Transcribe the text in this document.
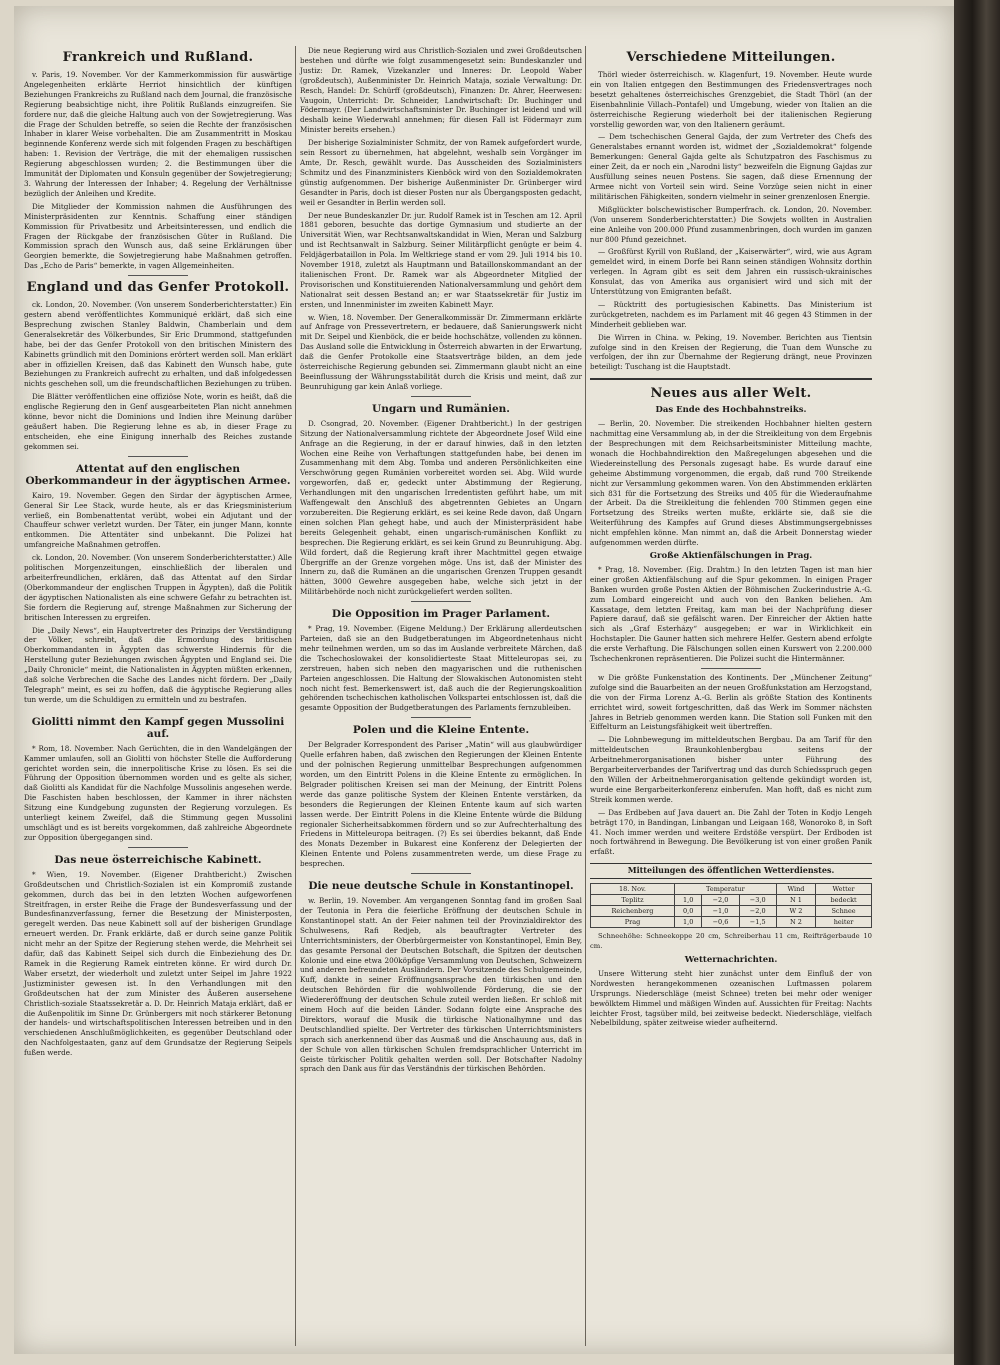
Frankreich und Rußland.

v. Paris, 19. November. Vor der Kammerkommission für auswärtige Angelegenheiten erklärte Herriot hinsichtlich der künftigen Beziehungen Frankreichs zu Rußland nach dem Journal, die französische Regierung beabsichtige nicht, ihre Politik Rußlands einzugreifen. Sie fordere nur, daß die gleiche Haltung auch von der Sowjetregierung. Was die Frage der Schulden betreffe, so seien die Rechte der französischen Inhaber in klarer Weise vorbehalten. Die am Zusammentritt in Moskau beginnende Konferenz werde sich mit folgenden Fragen zu beschäftigen haben: 1. Revision der Verträge, die mit der ehemaligen russischen Regierung abgeschlossen wurden; 2. die Bestimmungen über die Immunität der Diplomaten und Konsuln gegenüber der Sowjetregierung; 3. Wahrung der Interessen der Inhaber; 4. Regelung der Verhältnisse bezüglich der Anleihen und Kredite.

Die Mitglieder der Kommission nahmen die Ausführungen des Ministerpräsidenten zur Kenntnis. Schaffung einer ständigen Kommission für Privatbesitz und Arbeitsinteressen, und endlich die Fragen der Rückgabe der französischen Güter in Rußland. Die Kommission sprach den Wunsch aus, daß seine Erklärungen über Georgien bemerkte, die Sowjetregierung habe Maßnahmen getroffen. Das „Echo de Paris“ bemerkte, in vagen Allgemeinheiten.

England und das Genfer Protokoll.

ck. London, 20. November. (Von unserem Sonderberichterstatter.) Ein gestern abend veröffentlichtes Kommuniqué erklärt, daß sich eine Besprechung zwischen Stanley Baldwin, Chamberlain und dem Generalsekretär des Völkerbundes, Sir Eric Drummond, stattgefunden habe, bei der das Genfer Protokoll von den britischen Ministern des Kabinetts gründlich mit den Dominions erörtert werden soll. Man erklärt aber in offiziellen Kreisen, daß das Kabinett den Wunsch habe, gute Beziehungen zu Frankreich aufrecht zu erhalten, und daß infolgedessen nichts geschehen soll, um die freundschaftlichen Beziehungen zu trüben.

Die Blätter veröffentlichen eine offiziöse Note, worin es heißt, daß die englische Regierung den in Genf ausgearbeiteten Plan nicht annehmen könne, bevor nicht die Dominions und Indien ihre Meinung darüber geäußert haben. Die Regierung lehne es ab, in dieser Frage zu entscheiden, ehe eine Einigung innerhalb des Reiches zustande gekommen sei.

Attentat auf den englischen Oberkommandeur in der ägyptischen Armee.

Kairo, 19. November. Gegen den Sirdar der ägyptischen Armee, General Sir Lee Stack, wurde heute, als er das Kriegsministerium verließ, ein Bombenattentat verübt, wobei ein Adjutant und der Chauffeur schwer verletzt wurden. Der Täter, ein junger Mann, konnte entkommen. Die Attentäter sind unbekannt. Die Polizei hat umfangreiche Maßnahmen getroffen.

ck. London, 20. November. (Von unserem Sonderberichterstatter.) Alle politischen Morgenzeitungen, einschließlich der liberalen und arbeiterfreundlichen, erklären, daß das Attentat auf den Sirdar (Oberkommandeur der englischen Truppen in Ägypten), daß die Politik der ägyptischen Nationalisten als eine schwere Gefahr zu betrachten ist. Sie fordern die Regierung auf, strenge Maßnahmen zur Sicherung der britischen Interessen zu ergreifen.

Die „Daily News“, ein Hauptvertreter des Prinzips der Verständigung der Völker, schreibt, daß die Ermordung des britischen Oberkommandanten in Ägypten das schwerste Hindernis für die Herstellung guter Beziehungen zwischen Ägypten und England sei. Die „Daily Chronicle“ meint, die Nationalisten in Ägypten müßten erkennen, daß solche Verbrechen die Sache des Landes nicht fördern. Der „Daily Telegraph“ meint, es sei zu hoffen, daß die ägyptische Regierung alles tun werde, um die Schuldigen zu ermitteln und zu bestrafen.

Giolitti nimmt den Kampf gegen Mussolini auf.

* Rom, 18. November. Nach Gerüchten, die in den Wandelgängen der Kammer umlaufen, soll an Giolitti von höchster Stelle die Aufforderung gerichtet worden sein, die innerpolitische Krise zu lösen. Es sei die Führung der Opposition übernommen worden und es gelte als sicher, daß Giolitti als Kandidat für die Nachfolge Mussolinis angesehen werde. Die Faschisten haben beschlossen, der Kammer in ihrer nächsten Sitzung eine Kundgebung zugunsten der Regierung vorzulegen. Es unterliegt keinem Zweifel, daß die Stimmung gegen Mussolini umschlägt und es ist bereits vorgekommen, daß zahlreiche Abgeordnete zur Opposition übergegangen sind.

Das neue österreichische Kabinett.

* Wien, 19. November. (Eigener Drahtbericht.) Zwischen Großdeutschen und Christlich-Sozialen ist ein Kompromiß zustande gekommen, durch das bei in den letzten Wochen aufgeworfenen Streitfragen, in erster Reihe die Frage der Bundesverfassung und der Bundesfinanzverfassung, ferner die Besetzung der Ministerposten, geregelt werden. Das neue Kabinett soll auf der bisherigen Grundlage erneuert werden. Dr. Frank erklärte, daß er durch seine ganze Politik nicht mehr an der Spitze der Regierung stehen werde, die Mehrheit sei dafür, daß das Kabinett Seipel sich durch die Einbeziehung des Dr. Ramek in die Regierung Ramek eintreten könne. Er wird durch Dr. Waber ersetzt, der wiederholt und zuletzt unter Seipel im Jahre 1922 Justizminister gewesen ist. In den Verhandlungen mit den Großdeutschen hat der zum Minister des Äußeren ausersehene Christlich-soziale Staatssekretär a. D. Dr. Heinrich Mataja erklärt, daß er die Außenpolitik im Sinne Dr. Grünbergers mit noch stärkerer Betonung der handels- und wirtschaftspolitischen Interessen betreiben und in den verschiedenen Anschlußmöglichkeiten, es gegenüber Deutschland oder den Nachfolgestaaten, ganz auf dem Grundsatze der Regierung Seipels fußen werde.

Die neue Regierung wird aus Christlich-Sozialen und zwei Großdeutschen bestehen und dürfte wie folgt zusammengesetzt sein: Bundeskanzler und Justiz: Dr. Ramek, Vizekanzler und Inneres: Dr. Leopold Waber (großdeutsch), Außenminister Dr. Heinrich Mataja, soziale Verwaltung: Dr. Resch, Handel: Dr. Schürff (großdeutsch), Finanzen: Dr. Ahrer, Heerwesen: Vaugoin, Unterricht: Dr. Schneider, Landwirtschaft: Dr. Buchinger und Födermayr. (Der Landwirtschaftsminister Dr. Buchinger ist leidend und will deshalb keine Wiederwahl annehmen; für diesen Fall ist Födermayr zum Minister bereits ersehen.)

Der bisherige Sozialminister Schmitz, der von Ramek aufgefordert wurde, sein Ressort zu übernehmen, hat abgelehnt, weshalb sein Vorgänger im Amte, Dr. Resch, gewählt wurde. Das Ausscheiden des Sozialministers Schmitz und des Finanzministers Kienböck wird von den Sozialdemokraten günstig aufgenommen. Der bisherige Außenminister Dr. Grünberger wird Gesandter in Paris, doch ist dieser Posten nur als Übergangsposten gedacht, weil er Gesandter in Berlin werden soll.

Der neue Bundeskanzler Dr. jur. Rudolf Ramek ist in Teschen am 12. April 1881 geboren, besuchte das dortige Gymnasium und studierte an der Universität Wien, war Rechtsanwaltskandidat in Wien, Meran und Salzburg und ist Rechtsanwalt in Salzburg. Seiner Militärpflicht genügte er beim 4. Feldjägerbataillon in Pola. Im Weltkriege stand er vom 29. Juli 1914 bis 10. November 1918, zuletzt als Hauptmann und Bataillonskommandant an der italienischen Front. Dr. Ramek war als Abgeordneter Mitglied der Provisorischen und Konstituierenden Nationalversammlung und gehört dem Nationalrat seit dessen Bestand an; er war Staatssekretär für Justiz im ersten, und Innenminister im zweiten Kabinett Mayr.

w. Wien, 18. November. Der Generalkommissär Dr. Zimmermann erklärte auf Anfrage von Pressevertretern, er bedauere, daß Sanierungswerk nicht mit Dr. Seipel und Kienböck, die er beide hochschätze, vollenden zu können. Das Ausland solle die Entwicklung in Österreich abwarten in der Erwartung, daß die Genfer Protokolle eine Staatsverträge bilden, an dem jede österreichische Regierung gebunden sei. Zimmermann glaubt nicht an eine Beeinflussung der Währungsstabilität durch die Krisis und meint, daß zur Beunruhigung gar kein Anlaß vorliege.

Ungarn und Rumänien.

D. Csongrad, 20. November. (Eigener Drahtbericht.) In der gestrigen Sitzung der Nationalversammlung richtete der Abgeordnete Josef Wild eine Anfrage an die Regierung, in der er darauf hinwies, daß in den letzten Wochen eine Reihe von Verhaftungen stattgefunden habe, bei denen im Zusammenhang mit dem Abg. Tomba und anderen Persönlichkeiten eine Verschwörung gegen Rumänien vorbereitet worden sei. Abg. Wild wurde vorgeworfen, daß er, gedeckt unter Abstimmung der Regierung, Verhandlungen mit den ungarischen Irredentisten geführt habe, um mit Waffengewalt den Anschluß des abgetrennten Gebietes an Ungarn vorzubereiten. Die Regierung erklärt, es sei keine Rede davon, daß Ungarn einen solchen Plan gehegt habe, und auch der Ministerpräsident habe bereits Gelegenheit gehabt, einen ungarisch-rumänischen Konflikt zu besprechen. Die Regierung erklärt, es sei kein Grund zu Beunruhigung. Abg. Wild fordert, daß die Regierung kraft ihrer Machtmittel gegen etwaige Übergriffe an der Grenze vorgehen möge. Uns ist, daß der Minister des Innern zu, daß die Rumänen an die ungarischen Grenzen Truppen gesandt hätten, 3000 Gewehre ausgegeben habe, welche sich jetzt in der Militärbehörde noch nicht zurückgeliefert werden sollten.

Die Opposition im Prager Parlament.

* Prag, 19. November. (Eigene Meldung.) Der Erklärung allerdeutschen Parteien, daß sie an den Budgetberatungen im Abgeordnetenhaus nicht mehr teilnehmen werden, um so das im Auslande verbreitete Märchen, daß die Tschechoslowakei der konsolidierteste Staat Mitteleuropas sei, zu zerstreuen, haben sich neben den magyarischen und die ruthenischen Parteien angeschlossen. Die Haltung der Slowakischen Autonomisten steht noch nicht fest. Bemerkenswert ist, daß auch die der Regierungskoalition gehörenden tschechischen katholischen Volkspartei entschlossen ist, daß die gesamte Opposition der Budgetberatungen des Parlaments fernzubleiben.

Polen und die Kleine Entente.

Der Belgrader Korrespondent des Pariser „Matin“ will aus glaubwürdiger Quelle erfahren haben, daß zwischen den Regierungen der Kleinen Entente und der polnischen Regierung unmittelbar Besprechungen aufgenommen worden, um den Eintritt Polens in die Kleine Entente zu ermöglichen. In Belgrader politischen Kreisen sei man der Meinung, der Eintritt Polens werde das ganze politische System der Kleinen Entente verstärken, da besonders die Regierungen der Kleinen Entente kaum auf sich warten lassen werde. Der Eintritt Polens in die Kleine Entente würde die Bildung regionaler Sicherheitsabkommen fördern und so zur Aufrechterhaltung des Friedens in Mitteleuropa beitragen. (?) Es sei überdies bekannt, daß Ende des Monats Dezember in Bukarest eine Konferenz der Delegierten der Kleinen Entente und Polens zusammentreten werde, um diese Frage zu besprechen.

Die neue deutsche Schule in Konstantinopel.

w. Berlin, 19. November. Am vergangenen Sonntag fand im großen Saal der Teutonia in Pera die feierliche Eröffnung der deutschen Schule in Konstantinopel statt. An der Feier nahmen teil der Provinzialdirektor des Schulwesens, Rafi Redjeb, als beauftragter Vertreter des Unterrichtsministers, der Oberbürgermeister von Konstantinopel, Emin Bey, das gesamte Personal der Deutschen Botschaft, die Spitzen der deutschen Kolonie und eine etwa 200köpfige Versammlung von Deutschen, Schweizern und anderen befreundeten Ausländern. Der Vorsitzende des Schulgemeinde, Kuff, dankte in seiner Eröffnungsansprache den türkischen und den deutschen Behörden für die wohlwollende Förderung, die sie der Wiedereröffnung der deutschen Schule zuteil werden ließen. Er schloß mit einem Hoch auf die beiden Länder. Sodann folgte eine Ansprache des Direktors, worauf die Musik die türkische Nationalhymne und das Deutschlandlied spielte. Der Vertreter des türkischen Unterrichtsministers sprach sich anerkennend über das Ausmaß und die Anschauung aus, daß in der Schule von allen türkischen Schulen fremdsprachlicher Unterricht im Geiste türkischer Politik gehalten werden soll. Der Botschafter Nadolny sprach den Dank aus für das Verständnis der türkischen Behörden.

Verschiedene Mitteilungen.

Thörl wieder österreichisch. w. Klagenfurt, 19. November. Heute wurde ein von Italien entgegen den Bestimmungen des Friedensvertrages noch besetzt gehaltenes österreichisches Grenzgebiet, die Stadt Thörl (an der Eisenbahnlinie Villach–Pontafel) und Umgebung, wieder von Italien an die österreichische Regierung wiederholt bei der italienischen Regierung vorstellig geworden war, von den Italienern geräumt.

— Dem tschechischen General Gajda, der zum Vertreter des Chefs des Generalstabes ernannt worden ist, widmet der „Sozialdemokrat“ folgende Bemerkungen: General Gajda gelte als Schutzpatron des Faschismus zu einer Zeit, da er noch ein „Narodni listy“ bezweifeln die Eignung Gajdas zur Ausfüllung seines neuen Postens. Sie sagen, daß diese Ernennung der Armee nicht von Vorteil sein wird. Seine Vorzüge seien nicht in einer militärischen Fähigkeiten, sondern vielmehr in seiner grenzenlosen Energie.

Mißglückter bolschewistischer Bumperfrach. ck. London, 20. November. (Von unserem Sonderberichterstatter.) Die Sowjets wollten in Australien eine Anleihe von 200.000 Pfund zusammenbringen, doch wurden im ganzen nur 800 Pfund gezeichnet.

— Großfürst Kyrill von Rußland, der „Kaiserwärter“, wird, wie aus Agram gemeldet wird, in einem Dorfe bei Rann seinen ständigen Wohnsitz dorthin verlegen. In Agram gibt es seit dem Jahren ein russisch-ukrainisches Konsulat, das von Amerika aus organisiert wird und sich mit der Unterstützung von Emigranten befaßt.

— Rücktritt des portugiesischen Kabinetts. Das Ministerium ist zurückgetreten, nachdem es im Parlament mit 46 gegen 43 Stimmen in der Minderheit geblieben war.

Die Wirren in China. w. Peking, 19. November. Berichten aus Tientsin zufolge sind in den Kreisen der Regierung, die Tuan dem Wunsche zu verfolgen, der ihn zur Übernahme der Regierung drängt, neue Provinzen beteiligt: Tuschang ist die Hauptstadt.

Neues aus aller Welt.
Das Ende des Hochbahnstreiks.

— Berlin, 20. November. Die streikenden Hochbahner hielten gestern nachmittag eine Versammlung ab, in der die Streikleitung von dem Ergebnis der Besprechungen mit dem Reichsarbeitsminister Mitteilung machte, wonach die Hochbahndirektion den Maßregelungen abgesehen und die Wiedereinstellung des Personals zugesagt habe. Es wurde darauf eine geheime Abstimmung vorgenommen, die ergab, daß rund 700 Streikende nicht zur Versammlung gekommen waren. Von den Abstimmenden erklärten sich 831 für die Fortsetzung des Streiks und 405 für die Wiederaufnahme der Arbeit. Da die Streikleitung die fehlenden 700 Stimmen gegen eine Fortsetzung des Streiks werten mußte, erklärte sie, daß sie die Weiterführung des Kampfes auf Grund dieses Abstimmungsergebnisses nicht empfehlen könne. Man nimmt an, daß die Arbeit Donnerstag wieder aufgenommen werden dürfte.

Große Aktienfälschungen in Prag.

* Prag, 18. November. (Eig. Drahtm.) In den letzten Tagen ist man hier einer großen Aktienfälschung auf die Spur gekommen. In einigen Prager Banken wurden große Posten Aktien der Böhmischen Zuckerindustrie A.-G. zum Lombard eingereicht und auch von den Banken beliehen. Am Kassatage, dem letzten Freitag, kam man bei der Nachprüfung dieser Papiere darauf, daß sie gefälscht waren. Der Einreicher der Aktien hatte sich als „Graf Esterházy“ ausgegeben; er war in Wirklichkeit ein Hochstapler. Die Gauner hatten sich mehrere Helfer. Gestern abend erfolgte die erste Verhaftung. Die Fälschungen sollen einen Kurswert von 2.200.000 Tschechenkronen repräsentieren. Die Polizei sucht die Hintermänner.

w Die größte Funkenstation des Kontinents. Der „Münchener Zeitung“ zufolge sind die Bauarbeiten an der neuen Großfunkstation am Herzogstand, die von der Firma Lorenz A.-G. Berlin als größte Station des Kontinents errichtet wird, soweit fortgeschritten, daß das Werk im Sommer nächsten Jahres in Betrieb genommen werden kann. Die Station soll Funken mit den Eiffelturm an Leistungsfähigkeit weit übertreffen.

— Die Lohnbewegung im mitteldeutschen Bergbau. Da am Tarif für den mitteldeutschen Braunkohlenbergbau seitens der Arbeitnehmerorganisationen bisher unter Führung des Bergarbeiterverbandes der Tarifvertrag und das durch Schiedsspruch gegen den Willen der Arbeitnehmerorganisation geltende gekündigt worden ist, wurde eine Bergarbeiterkonferenz einberufen. Man hofft, daß es nicht zum Streik kommen werde.

— Das Erdbeben auf Java dauert an. Die Zahl der Toten in Kodjo Lengeh beträgt 170, in Bandingan, Linbangan und Leigaan 168, Wonoroko 8, in Soft 41. Noch immer werden und weitere Erdstöße verspürt. Der Erdboden ist noch fortwährend in Bewegung. Die Bevölkerung ist von einer großen Panik erfaßt.

Mitteilungen des öffentlichen Wetterdienstes.
18. Nov.	Temperatur			Wind	Wetter
Teplitz	1,0	−2,0	−3,0	N 1	bedeckt
Reichenberg	0,0	−1,0	−2,0	W 2	Schnee
Prag	1,0	−0,6	−1,5	N 2	heiter

Schneehöhe: Schneekoppe 20 cm, Schreiberhau 11 cm, Reifträgerbaude 10 cm.

Wetternachrichten.

Unsere Witterung steht hier zunächst unter dem Einfluß der von Nordwesten herangekommenen ozeanischen Luftmassen polarem Ursprungs. Niederschläge (meist Schnee) treten bei mehr oder weniger bewölktem Himmel und mäßigen Winden auf. Aussichten für Freitag: Nachts leichter Frost, tagsüber mild, bei zeitweise bedeckt. Niederschläge, vielfach Nebelbildung, später zeitweise wieder aufheiternd.
